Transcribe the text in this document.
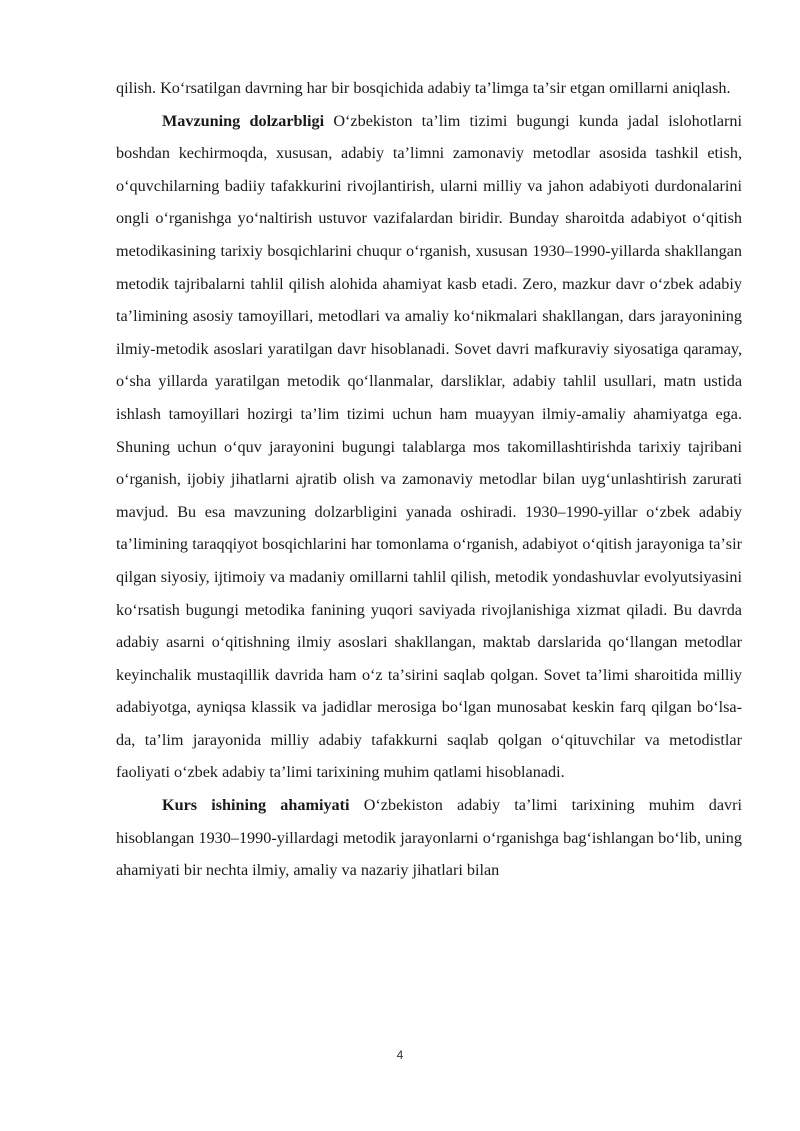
qilish. Koʻrsatilgan davrning har bir bosqichida adabiy taʼlimga taʼsir etgan omillarni aniqlash.

Mavzuning dolzarbligi Oʻzbekiston taʼlim tizimi bugungi kunda jadal islohotlarni boshdan kechirmoqda, xususan, adabiy taʼlimni zamonaviy metodlar asosida tashkil etish, oʻquvchilarning badiiy tafakkurini rivojlantirish, ularni milliy va jahon adabiyoti durdonalarini ongli oʻrganishga yoʻnaltirish ustuvor vazifalardan biridir. Bunday sharoitda adabiyot oʻqitish metodikasining tarixiy bosqichlarini chuqur oʻrganish, xususan 1930–1990-yillarda shakllangan metodik tajribalarni tahlil qilish alohida ahamiyat kasb etadi. Zero, mazkur davr oʻzbek adabiy taʼlimining asosiy tamoyillari, metodlari va amaliy koʻnikmalari shakllangan, dars jarayonining ilmiy-metodik asoslari yaratilgan davr hisoblanadi. Sovet davri mafkuraviy siyosatiga qaramay, oʻsha yillarda yaratilgan metodik qoʻllanmalar, darsliklar, adabiy tahlil usullari, matn ustida ishlash tamoyillari hozirgi taʼlim tizimi uchun ham muayyan ilmiy-amaliy ahamiyatga ega. Shuning uchun oʻquv jarayonini bugungi talablarga mos takomillashtirishda tarixiy tajribani oʻrganish, ijobiy jihatlarni ajratib olish va zamonaviy metodlar bilan uygʻunlashtirish zarurati mavjud. Bu esa mavzuning dolzarbligini yanada oshiradi. 1930–1990-yillar oʻzbek adabiy taʼlimining taraqqiyot bosqichlarini har tomonlama oʻrganish, adabiyot oʻqitish jarayoniga taʼsir qilgan siyosiy, ijtimoiy va madaniy omillarni tahlil qilish, metodik yondashuvlar evolyutsiyasini koʻrsatish bugungi metodika fanining yuqori saviyada rivojlanishiga xizmat qiladi. Bu davrda adabiy asarni oʻqitishning ilmiy asoslari shakllangan, maktab darslarida qoʻllangan metodlar keyinchalik mustaqillik davrida ham oʻz taʼsirini saqlab qolgan. Sovet taʼlimi sharoitida milliy adabiyotga, ayniqsa klassik va jadidlar merosiga boʻlgan munosabat keskin farq qilgan boʻlsa-da, taʼlim jarayonida milliy adabiy tafakkurni saqlab qolgan oʻqituvchilar va metodistlar faoliyati oʻzbek adabiy taʼlimi tarixining muhim qatlami hisoblanadi.

Kurs ishining ahamiyati Oʻzbekiston adabiy taʼlimi tarixining muhim davri hisoblangan 1930–1990-yillardagi metodik jarayonlarni oʻrganishga bagʻishlangan boʻlib, uning ahamiyati bir nechta ilmiy, amaliy va nazariy jihatlari bilan

4
